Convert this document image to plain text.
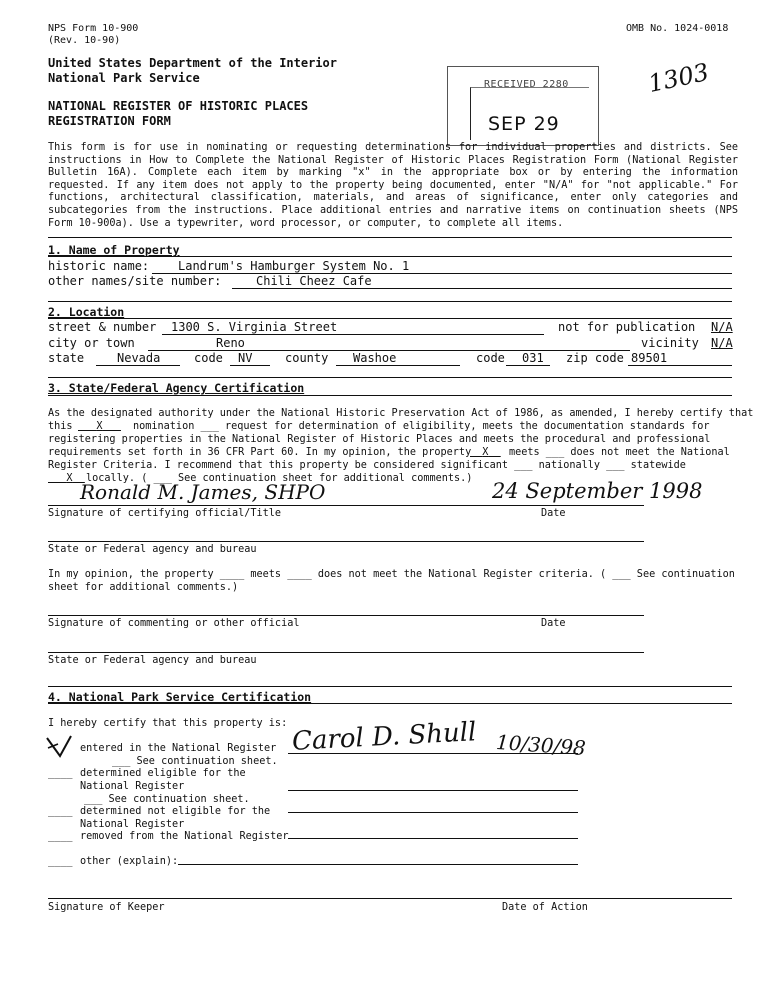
NPS Form 10-900
(Rev. 10-90)
OMB No. 1024-0018
United States Department of the Interior
National Park Service
NATIONAL REGISTER OF HISTORIC PLACES
REGISTRATION FORM
RECEIVED 2280
SEP 29
1303
This form is for use in nominating or requesting determinations for individual properties and districts. See instructions in How to Complete the National Register of Historic Places Registration Form (National Register Bulletin 16A). Complete each item by marking "x" in the appropriate box or by entering the information requested. If any item does not apply to the property being documented, enter "N/A" for "not applicable." For functions, architectural classification, materials, and areas of significance, enter only categories and subcategories from the instructions. Place additional entries and narrative items on continuation sheets (NPS Form 10-900a). Use a typewriter, word processor, or computer, to complete all items.
1. Name of Property
historic name: Landrum's Hamburger System No. 1
other names/site number:	Chili Cheez Cafe
2. Location
street & number 1300 S. Virginia Street	not for publication N/A
city or town	Reno	vicinity N/A
state	Nevada	code NV	county Washoe	code 031 zip code 89501
3. State/Federal Agency Certification
As the designated authority under the National Historic Preservation Act of 1986, as amended, I hereby certify that
this	X	nomination ___ request for determination of eligibility, meets the documentation standards for
registering properties in the National Register of Historic Places and meets the procedural and professional
requirements set forth in 36 CFR Part 60. In my opinion, the property	X	meets ___ does not meet the National
Register Criteria. I recommend that this property be considered significant ___ nationally ___ statewide
X	locally. ( ___ See continuation sheet for additional comments.)
Ronald M. James, SHPO	24 September 1998
Signature of certifying official/Title	Date
State or Federal agency and bureau
In my opinion, the property ____ meets ____ does not meet the National Register criteria. ( ___ See continuation
sheet for additional comments.)
Signature of commenting or other official	Date
State or Federal agency and bureau
4. National Park Service Certification
I hereby certify that this property is:
entered in the National Register
___ See continuation sheet.
____ determined eligible for the
National Register
___ See continuation sheet.
____ determined not eligible for the
National Register
____ removed from the National Register
____ other (explain):
Carol D. Shull 10/30/98
Signature of Keeper	Date of Action
